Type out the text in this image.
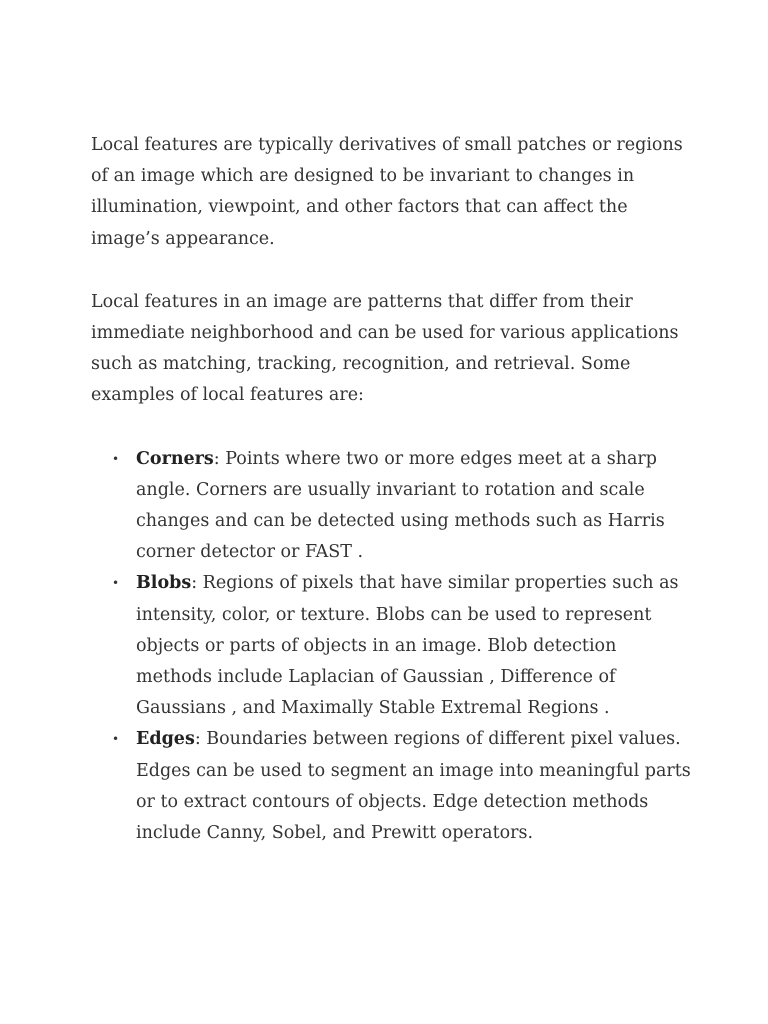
Local features are typically derivatives of small patches or regions of an image which are designed to be invariant to changes in illumination, viewpoint, and other factors that can affect the image’s appearance.

Local features in an image are patterns that differ from their immediate neighborhood and can be used for various applications such as matching, tracking, recognition, and retrieval. Some examples of local features are:

• Corners: Points where two or more edges meet at a sharp angle. Corners are usually invariant to rotation and scale changes and can be detected using methods such as Harris corner detector or FAST .
• Blobs: Regions of pixels that have similar properties such as intensity, color, or texture. Blobs can be used to represent objects or parts of objects in an image. Blob detection methods include Laplacian of Gaussian , Difference of Gaussians , and Maximally Stable Extremal Regions .
• Edges: Boundaries between regions of different pixel values. Edges can be used to segment an image into meaningful parts or to extract contours of objects. Edge detection methods include Canny, Sobel, and Prewitt operators.
